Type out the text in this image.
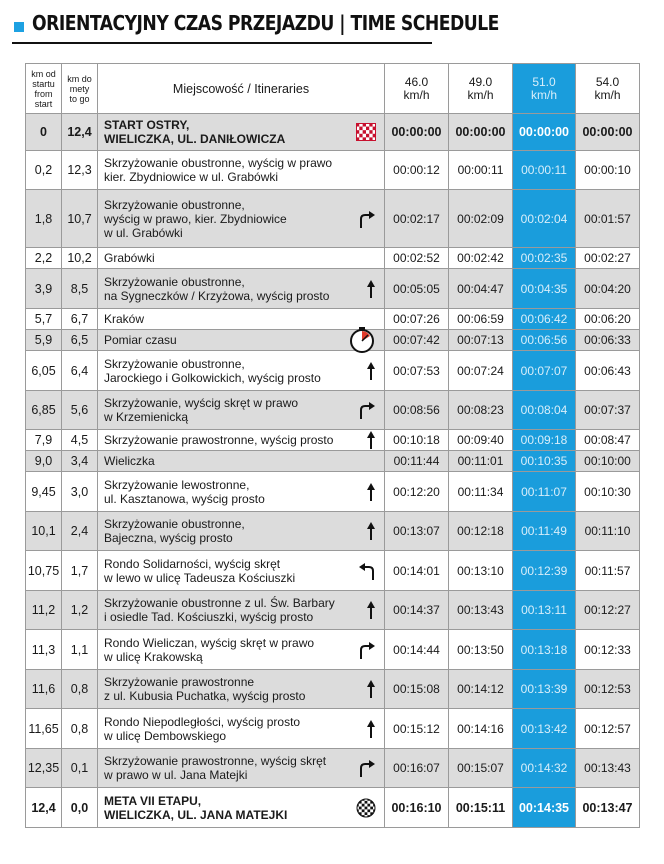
ORIENTACYJNY CZAS PRZEJAZDU | TIME SCHEDULE
km od
startu
from
start	km do
mety
to go	Miejscowość / Itineraries	46.0
km/h	49.0
km/h	51.0
km/h	54.0
km/h
0	12,4	START OSTRY,
WIELICZKA, UL. DANIŁOWICZA	00:00:00	00:00:00	00:00:00	00:00:00
0,2	12,3	Skrzyżowanie obustronne, wyścig w prawo
kier. Zbydniowice w ul. Grabówki	00:00:12	00:00:11	00:00:11	00:00:10
1,8	10,7	Skrzyżowanie obustronne,
wyścig w prawo, kier. Zbydniowice
w ul. Grabówki	00:02:17	00:02:09	00:02:04	00:01:57
2,2	10,2	Grabówki	00:02:52	00:02:42	00:02:35	00:02:27
3,9	8,5	Skrzyżowanie obustronne,
na Sygneczków / Krzyżowa, wyścig prosto	00:05:05	00:04:47	00:04:35	00:04:20
5,7	6,7	Kraków	00:07:26	00:06:59	00:06:42	00:06:20
5,9	6,5	Pomiar czasu	00:07:42	00:07:13	00:06:56	00:06:33
6,05	6,4	Skrzyżowanie obustronne,
Jarockiego i Golkowickich, wyścig prosto	00:07:53	00:07:24	00:07:07	00:06:43
6,85	5,6	Skrzyżowanie, wyścig skręt w prawo
w Krzemienicką	00:08:56	00:08:23	00:08:04	00:07:37
7,9	4,5	Skrzyżowanie prawostronne, wyścig prosto	00:10:18	00:09:40	00:09:18	00:08:47
9,0	3,4	Wieliczka	00:11:44	00:11:01	00:10:35	00:10:00
9,45	3,0	Skrzyżowanie lewostronne,
ul. Kasztanowa, wyścig prosto	00:12:20	00:11:34	00:11:07	00:10:30
10,1	2,4	Skrzyżowanie obustronne,
Bajeczna, wyścig prosto	00:13:07	00:12:18	00:11:49	00:11:10
10,75	1,7	Rondo Solidarności, wyścig skręt
w lewo w ulicę Tadeusza Kościuszki	00:14:01	00:13:10	00:12:39	00:11:57
11,2	1,2	Skrzyżowanie obustronne z ul. Św. Barbary
i osiedle Tad. Kościuszki, wyścig prosto	00:14:37	00:13:43	00:13:11	00:12:27
11,3	1,1	Rondo Wieliczan, wyścig skręt w prawo
w ulicę Krakowską	00:14:44	00:13:50	00:13:18	00:12:33
11,6	0,8	Skrzyżowanie prawostronne
z ul. Kubusia Puchatka, wyścig prosto	00:15:08	00:14:12	00:13:39	00:12:53
11,65	0,8	Rondo Niepodległości, wyścig prosto
w ulicę Dembowskiego	00:15:12	00:14:16	00:13:42	00:12:57
12,35	0,1	Skrzyżowanie prawostronne, wyścig skręt
w prawo w ul. Jana Matejki	00:16:07	00:15:07	00:14:32	00:13:43
12,4	0,0	META VII ETAPU,
WIELICZKA, UL. JANA MATEJKI	00:16:10	00:15:11	00:14:35	00:13:47
